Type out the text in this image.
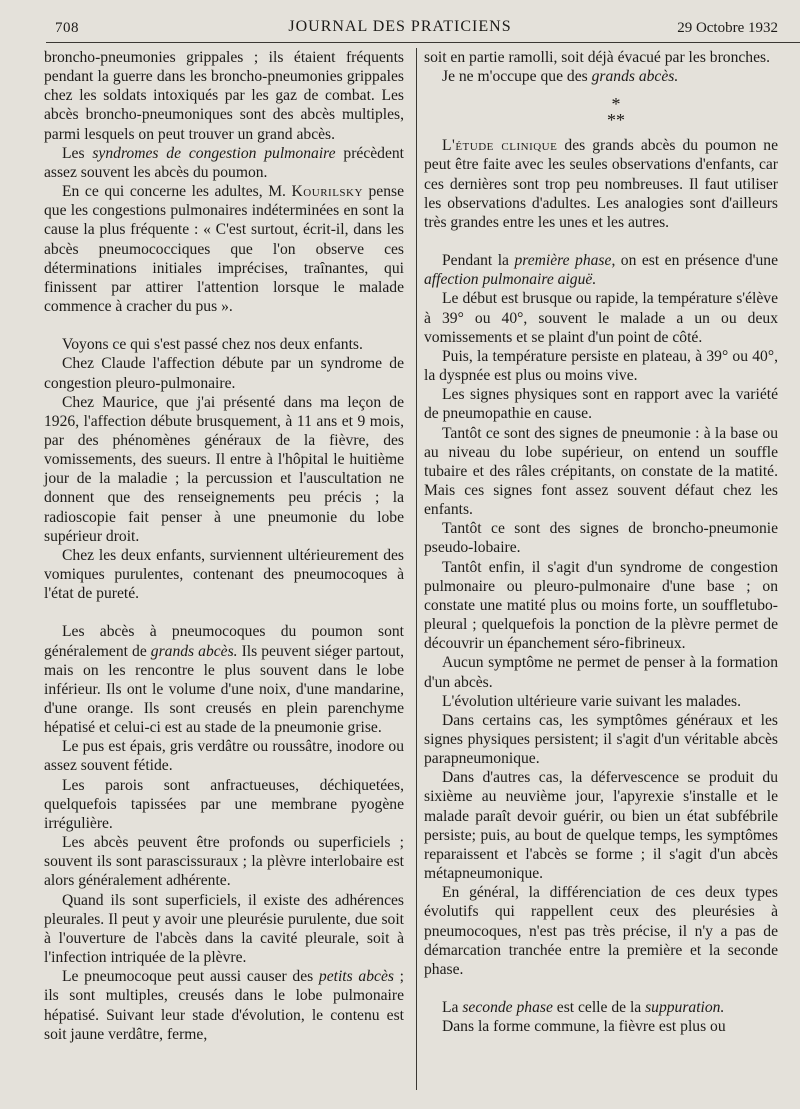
708	JOURNAL DES PRATICIENS	29 Octobre 1932

broncho-pneumonies grippales ; ils étaient fréquents pendant la guerre dans les broncho-pneumonies grippales chez les soldats intoxiqués par les gaz de combat. Les abcès broncho-pneumoniques sont des abcès multiples, parmi lesquels on peut trouver un grand abcès.

Les syndromes de congestion pulmonaire précèdent assez souvent les abcès du poumon.

En ce qui concerne les adultes, M. Kourilsky pense que les congestions pulmonaires indéterminées en sont la cause la plus fréquente : « C'est surtout, écrit-il, dans les abcès pneumococciques que l'on observe ces déterminations initiales imprécises, traînantes, qui finissent par attirer l'attention lorsque le malade commence à cracher du pus ».

Voyons ce qui s'est passé chez nos deux enfants.

Chez Claude l'affection débute par un syndrome de congestion pleuro-pulmonaire.

Chez Maurice, que j'ai présenté dans ma leçon de 1926, l'affection débute brusquement, à 11 ans et 9 mois, par des phénomènes généraux de la fièvre, des vomissements, des sueurs. Il entre à l'hôpital le huitième jour de la maladie ; la percussion et l'auscultation ne donnent que des renseignements peu précis ; la radioscopie fait penser à une pneumonie du lobe supérieur droit.

Chez les deux enfants, surviennent ultérieurement des vomiques purulentes, contenant des pneumocoques à l'état de pureté.

Les abcès à pneumocoques du poumon sont généralement de grands abcès. Ils peuvent siéger partout, mais on les rencontre le plus souvent dans le lobe inférieur. Ils ont le volume d'une noix, d'une mandarine, d'une orange. Ils sont creusés en plein parenchyme hépatisé et celui-ci est au stade de la pneumonie grise.

Le pus est épais, gris verdâtre ou roussâtre, inodore ou assez souvent fétide.

Les parois sont anfractueuses, déchiquetées, quelquefois tapissées par une membrane pyogène irrégulière.

Les abcès peuvent être profonds ou superficiels ; souvent ils sont parascissuraux ; la plèvre interlobaire est alors généralement adhérente.

Quand ils sont superficiels, il existe des adhérences pleurales. Il peut y avoir une pleurésie purulente, due soit à l'ouverture de l'abcès dans la cavité pleurale, soit à l'infection intriquée de la plèvre.

Le pneumocoque peut aussi causer des petits abcès ; ils sont multiples, creusés dans le lobe pulmonaire hépatisé. Suivant leur stade d'évolution, le contenu est soit jaune verdâtre, ferme,

soit en partie ramolli, soit déjà évacué par les bronches.

Je ne m'occupe que des grands abcès.

*
**

L'étude clinique des grands abcès du poumon ne peut être faite avec les seules observations d'enfants, car ces dernières sont trop peu nombreuses. Il faut utiliser les observations d'adultes. Les analogies sont d'ailleurs très grandes entre les unes et les autres.

Pendant la première phase, on est en présence d'une affection pulmonaire aiguë.

Le début est brusque ou rapide, la température s'élève à 39° ou 40°, souvent le malade a un ou deux vomissements et se plaint d'un point de côté.

Puis, la température persiste en plateau, à 39° ou 40°, la dyspnée est plus ou moins vive.

Les signes physiques sont en rapport avec la variété de pneumopathie en cause.

Tantôt ce sont des signes de pneumonie : à la base ou au niveau du lobe supérieur, on entend un souffle tubaire et des râles crépitants, on constate de la matité. Mais ces signes font assez souvent défaut chez les enfants.

Tantôt ce sont des signes de broncho-pneumonie pseudo-lobaire.

Tantôt enfin, il s'agit d'un syndrome de congestion pulmonaire ou pleuro-pulmonaire d'une base ; on constate une matité plus ou moins forte, un souffletubo-pleural ; quelquefois la ponction de la plèvre permet de découvrir un épanchement séro-fibrineux.

Aucun symptôme ne permet de penser à la formation d'un abcès.

L'évolution ultérieure varie suivant les malades.

Dans certains cas, les symptômes généraux et les signes physiques persistent; il s'agit d'un véritable abcès parapneumonique.

Dans d'autres cas, la défervescence se produit du sixième au neuvième jour, l'apyrexie s'installe et le malade paraît devoir guérir, ou bien un état subfébrile persiste; puis, au bout de quelque temps, les symptômes reparaissent et l'abcès se forme ; il s'agit d'un abcès métapneumonique.

En général, la différenciation de ces deux types évolutifs qui rappellent ceux des pleurésies à pneumocoques, n'est pas très précise, il n'y a pas de démarcation tranchée entre la première et la seconde phase.

La seconde phase est celle de la suppuration.

Dans la forme commune, la fièvre est plus ou
